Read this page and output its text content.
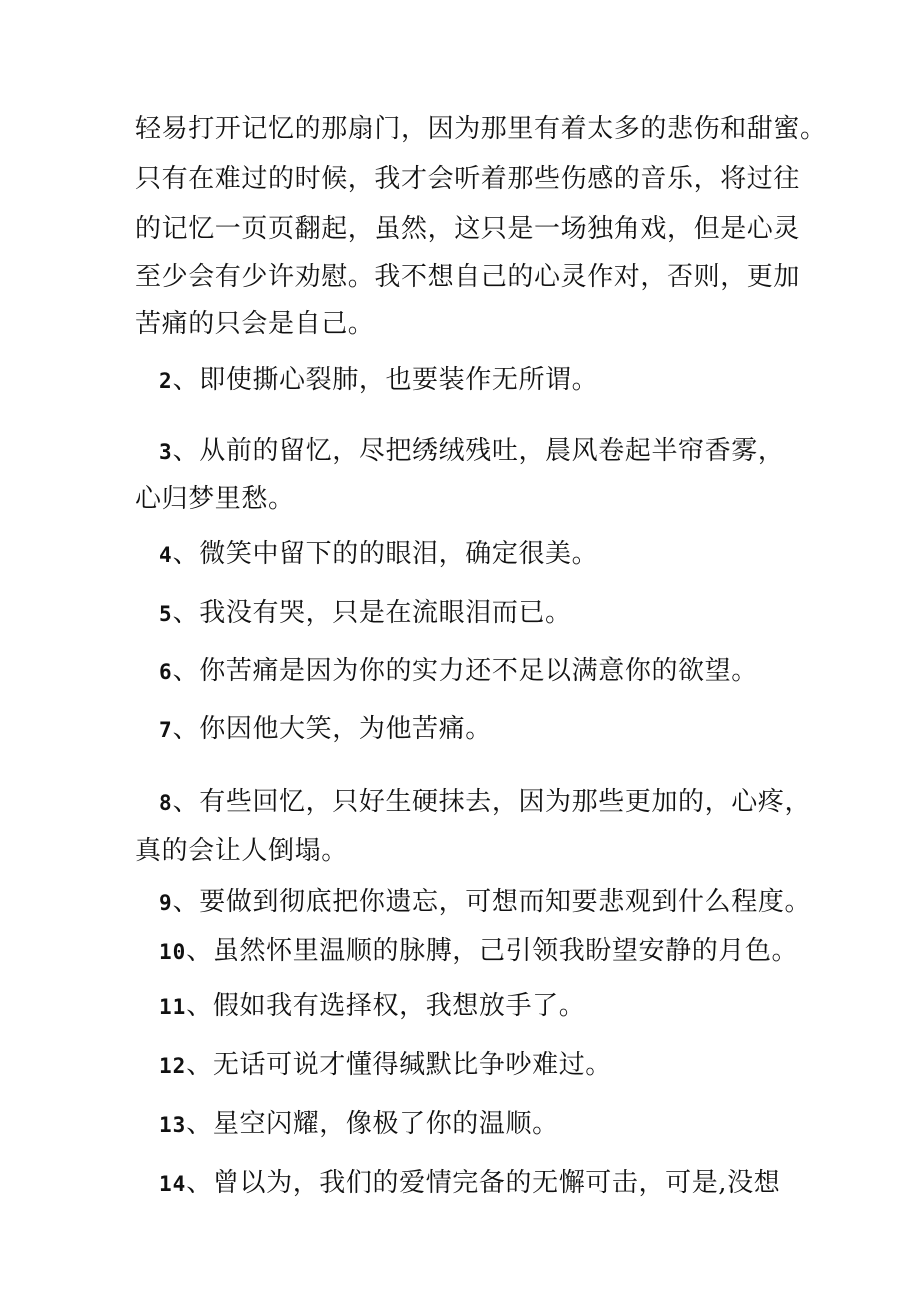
轻易打开记忆的那扇门，因为那里有着太多的悲伤和甜蜜。
只有在难过的时候，我才会听着那些伤感的音乐，将过往
的记忆一页页翻起，虽然，这只是一场独角戏，但是心灵
至少会有少许劝慰。我不想自己的心灵作对，否则，更加
苦痛的只会是自己。
2、即使撕心裂肺，也要装作无所谓。
3、从前的留忆，尽把绣绒残吐，晨风卷起半帘香雾，
心归梦里愁。
4、微笑中留下的的眼泪，确定很美。
5、我没有哭，只是在流眼泪而已。
6、你苦痛是因为你的实力还不足以满意你的欲望。
7、你因他大笑，为他苦痛。
8、有些回忆，只好生硬抹去，因为那些更加的，心疼，
真的会让人倒塌。
9、要做到彻底把你遗忘，可想而知要悲观到什么程度。
10、虽然怀里温顺的脉膊，己引领我盼望安静的月色。
11、假如我有选择权，我想放手了。
12、无话可说才懂得缄默比争吵难过。
13、星空闪耀，像极了你的温顺。
14、曾以为，我们的爱情完备的无懈可击，可是,没想
